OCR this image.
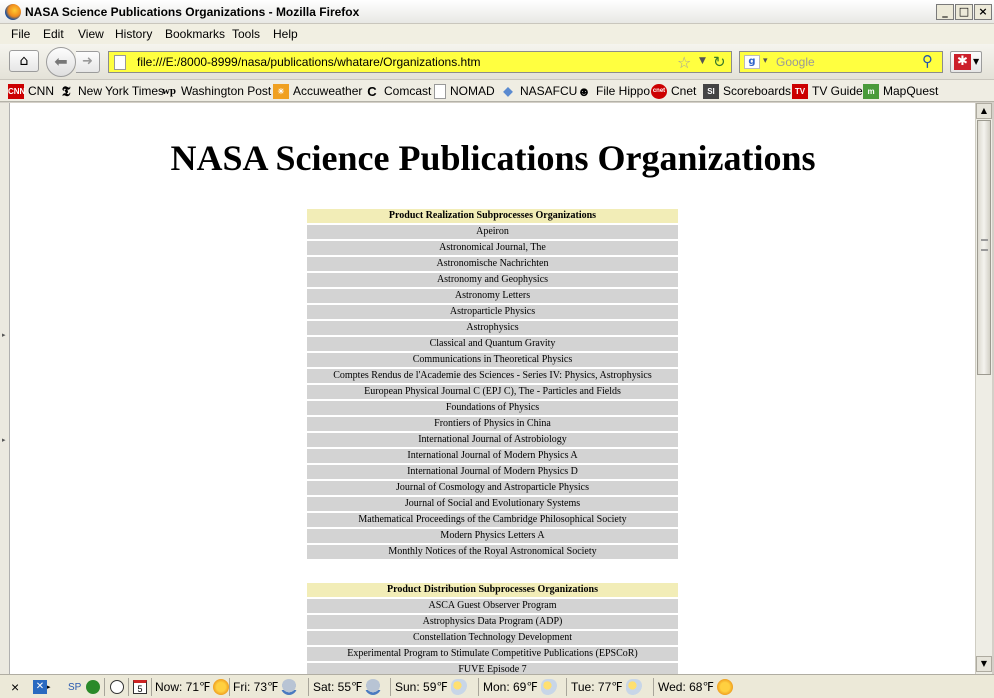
NASA Science Publications Organizations - Mozilla Firefox	_	□ ×
File Edit View History Bookmarks Tools Help
⌂	➜
⬅	file:///E:/8000-8999/nasa/publications/whatare/Organizations.htm	☆ ▼ ↻	g ▾ Google	⚲ ✱ ▼
CNN CNN 𝕿 New York Times
wp Washington Post ☀ Accuweather C Comcast NOMAD ◆ NASAFCU ☻ File Hippo cnet Cnet	SI Scoreboards TV TV Guide m MapQuest
▸
▸
NASA Science Publications Organizations
Product Realization Subprocesses Organizations
Apeiron
Astronomical Journal, The
Astronomische Nachrichten
Astronomy and Geophysics
Astronomy Letters
Astroparticle Physics
Astrophysics
Classical and Quantum Gravity
Communications in Theoretical Physics
Comptes Rendus de l'Academie des Sciences - Series IV: Physics, Astrophysics
European Physical Journal C (EPJ C), The - Particles and Fields
Foundations of Physics
Frontiers of Physics in China
International Journal of Astrobiology
International Journal of Modern Physics A
International Journal of Modern Physics D
Journal of Cosmology and Astroparticle Physics
Journal of Social and Evolutionary Systems
Mathematical Proceedings of the Cambridge Philosophical Society
Modern Physics Letters A
Monthly Notices of the Royal Astronomical Society
Product Distribution Subprocesses Organizations
ASCA Guest Observer Program
Astrophysics Data Program (ADP)
Constellation Technology Development
Experimental Program to Stimulate Competitive Publications (EPSCoR)
FUVE Episode 7
▲
▼
× ✕ ▸ SP	5	Now: 71℉ Fri: 73℉	Sat: 55℉	Sun: 59℉	Mon: 69℉	Tue: 77℉	Wed: 68℉
